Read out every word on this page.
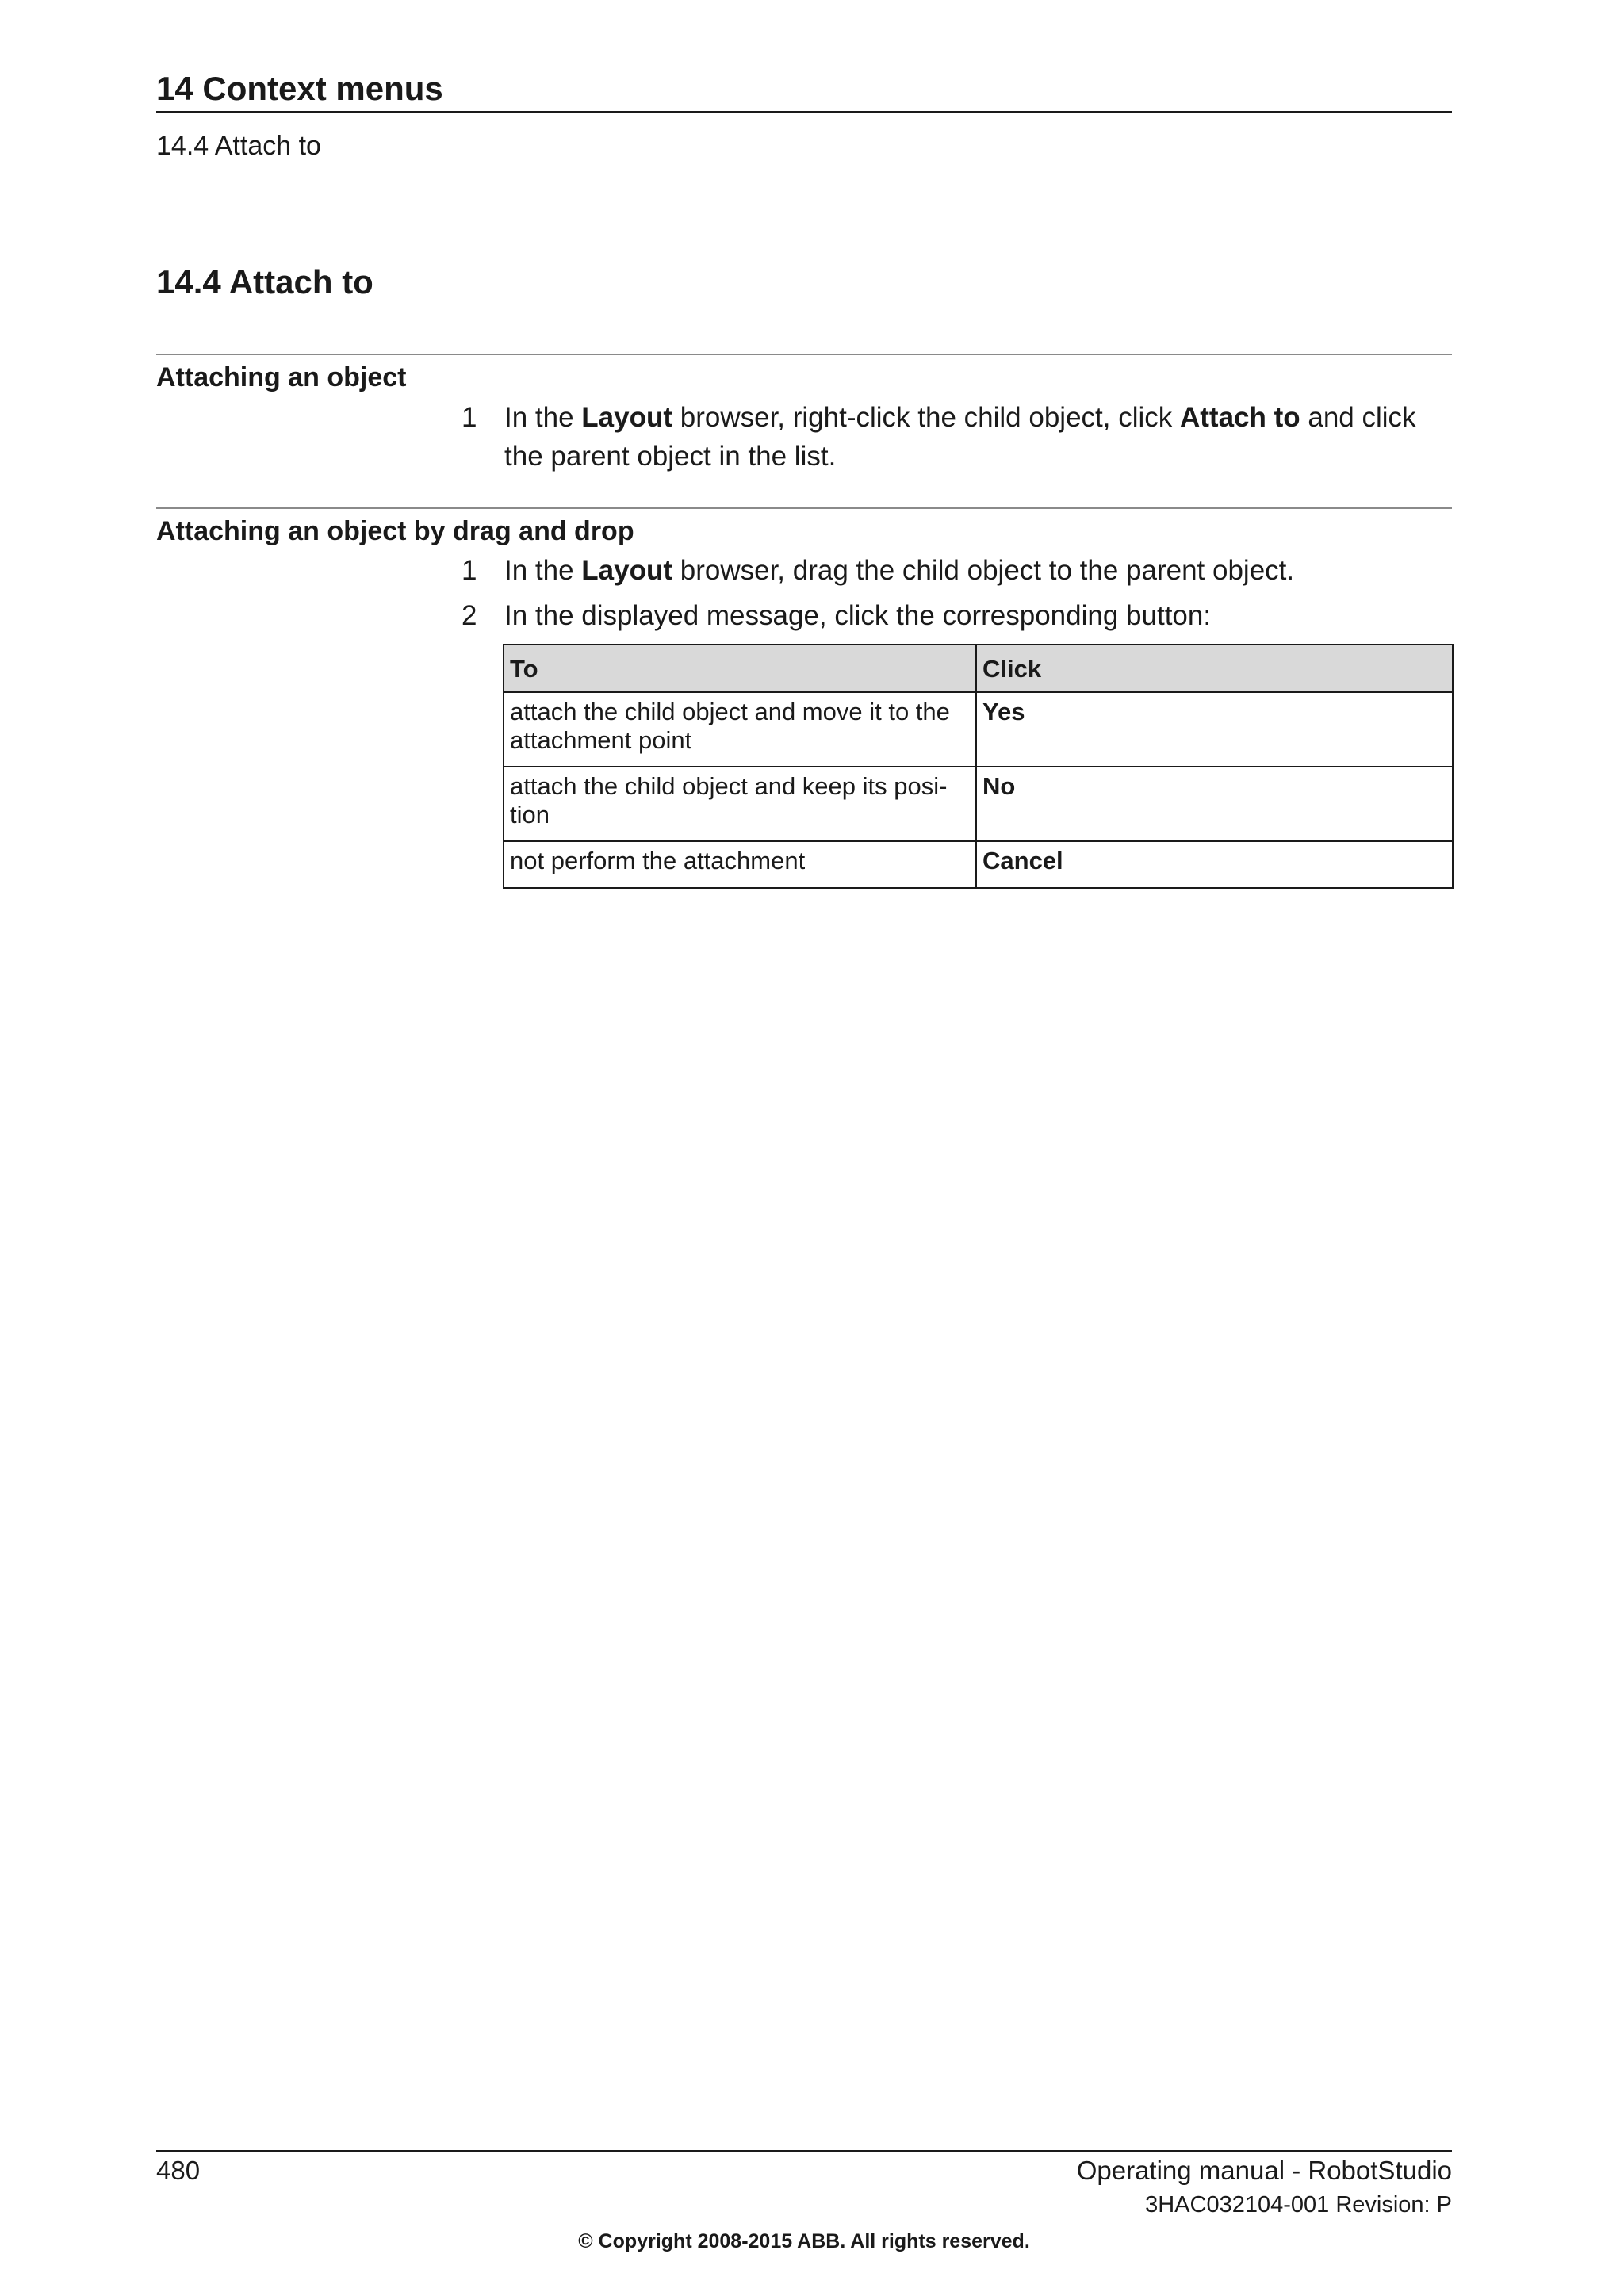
14 Context menus
14.4 Attach to
14.4 Attach to
Attaching an object
1 In the Layout browser, right-click the child object, click Attach to and click the parent object in the list.
Attaching an object by drag and drop
1 In the Layout browser, drag the child object to the parent object.
2 In the displayed message, click the corresponding button:
To	Click
attach the child object and move it to the attachment point	Yes
attach the child object and keep its posi-tion	No
not perform the attachment	Cancel
480	Operating manual - RobotStudio
3HAC032104-001 Revision: P
© Copyright 2008-2015 ABB. All rights reserved.
